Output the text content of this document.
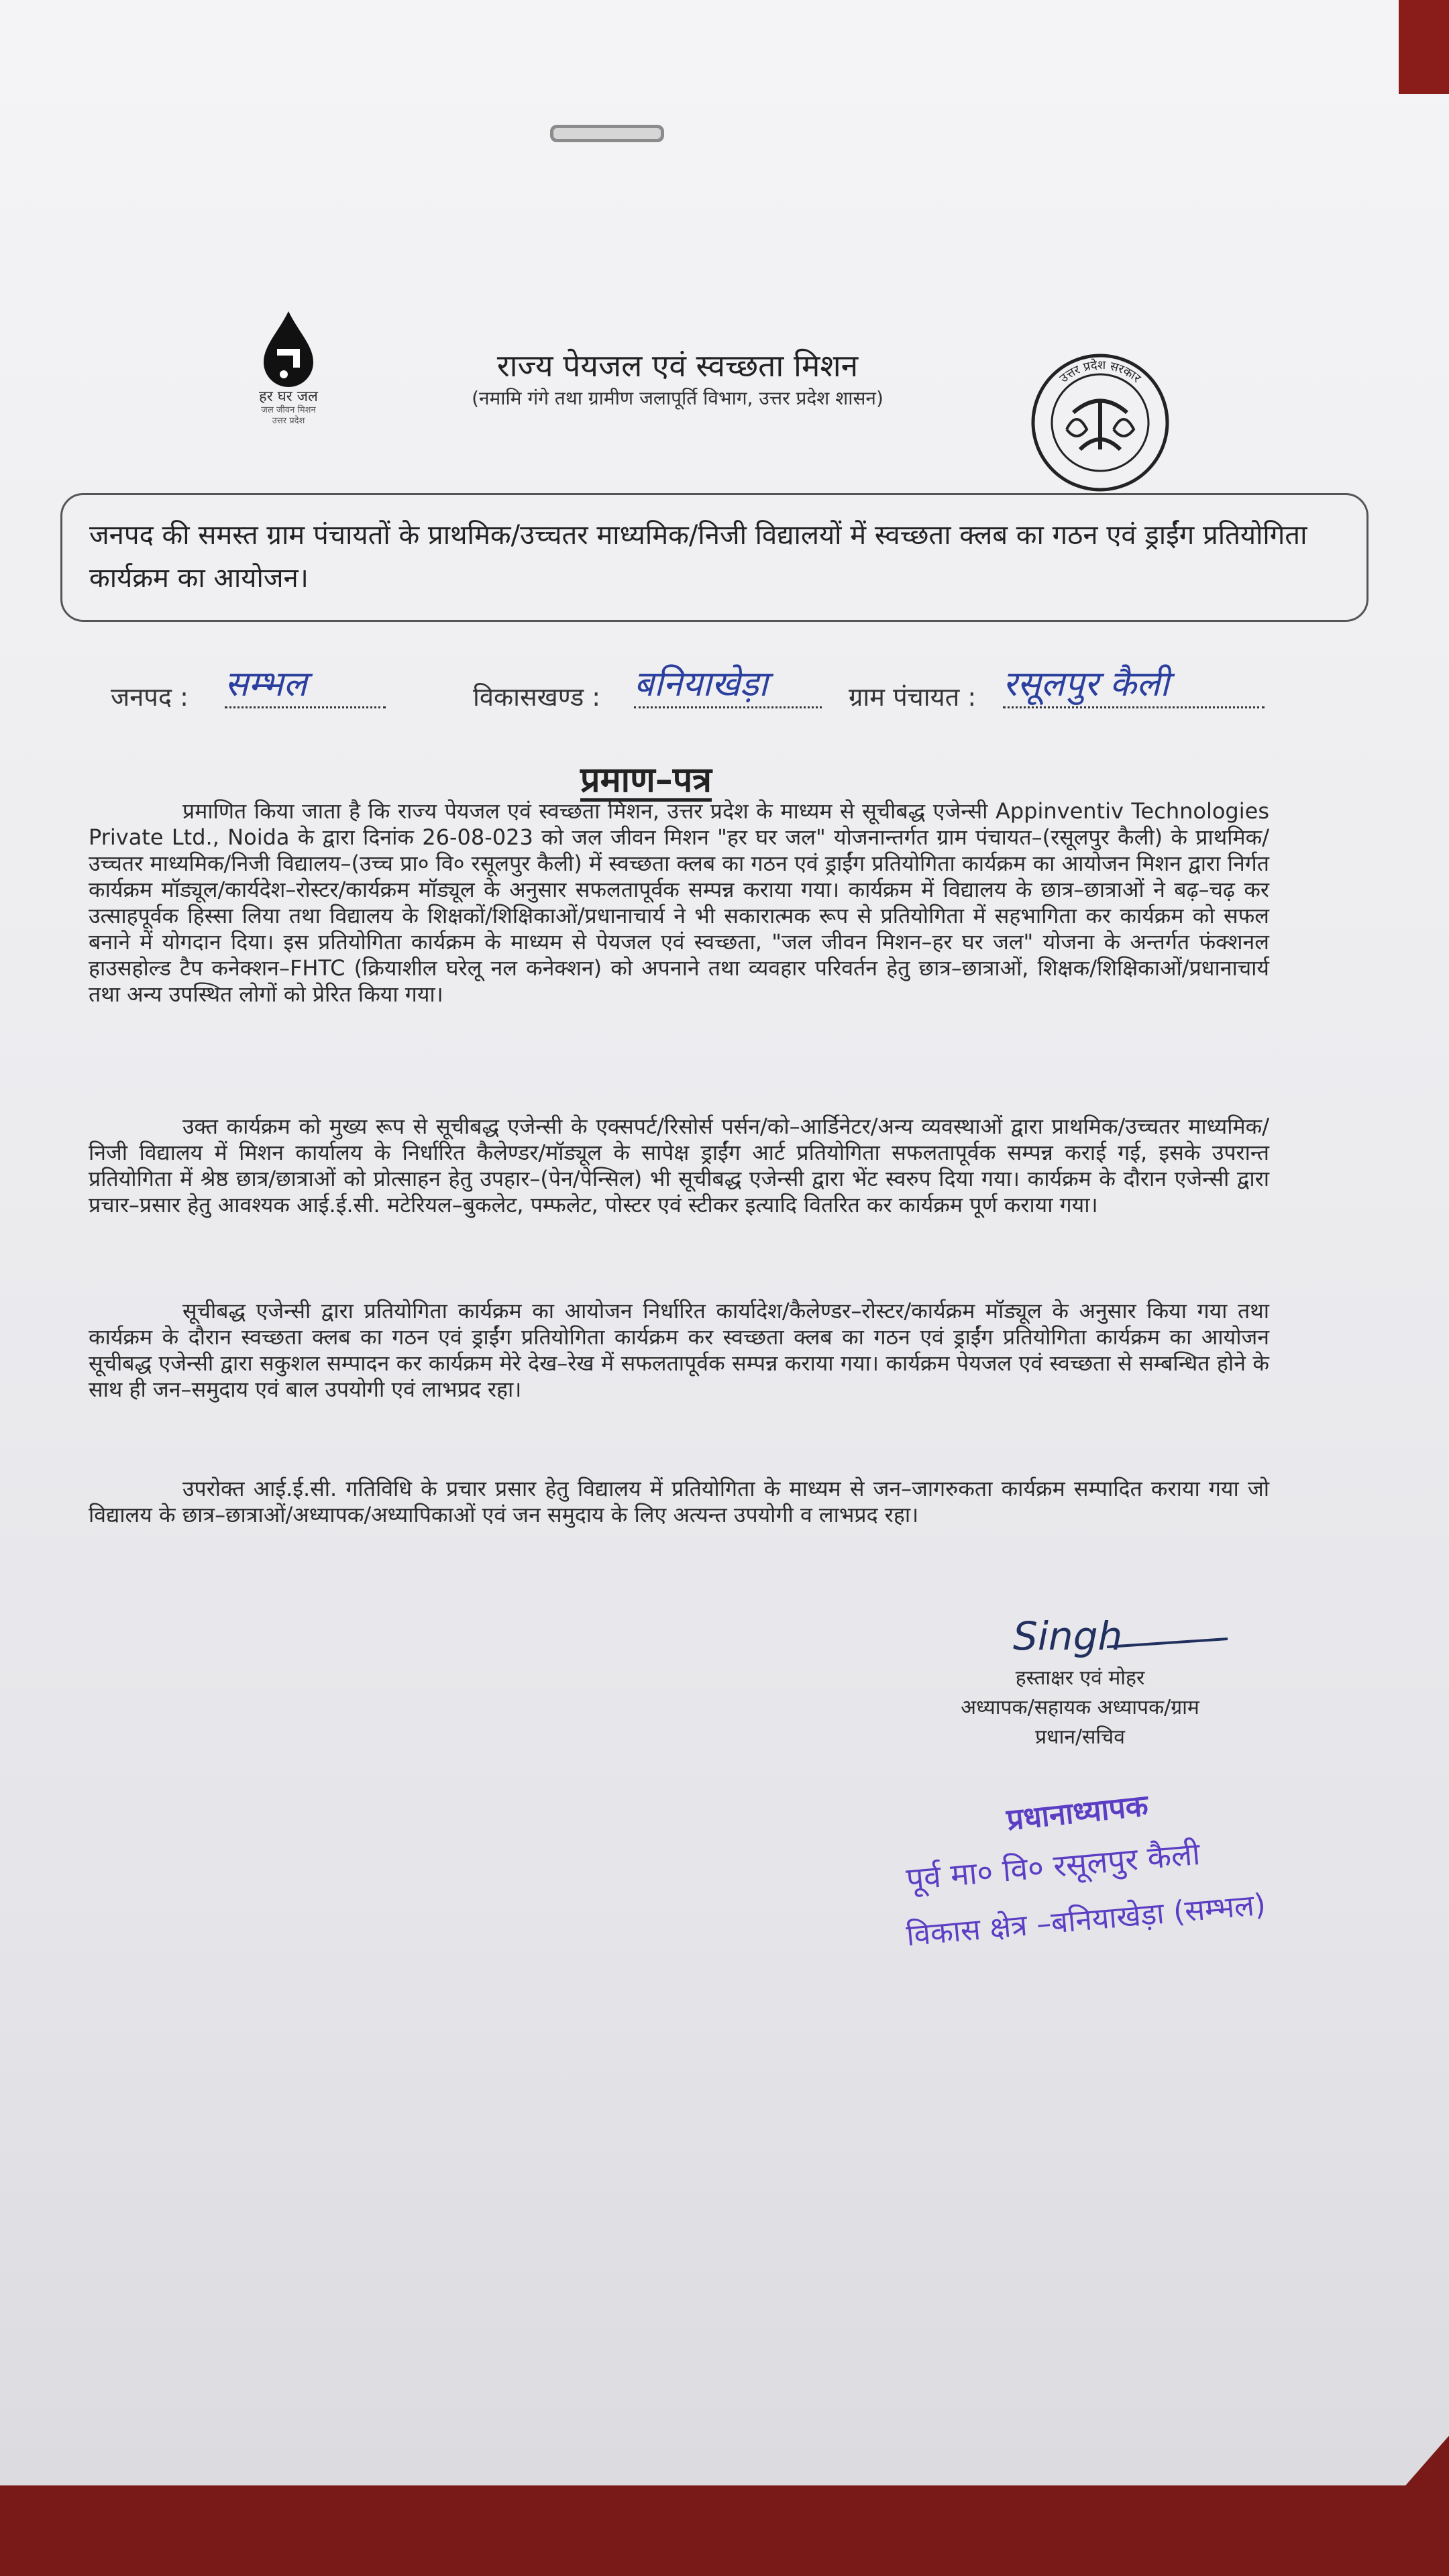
हर घर जल
जल जीवन मिशन
उत्तर प्रदेश
राज्य पेयजल एवं स्वच्छता मिशन
(नमामि गंगे तथा ग्रामीण जलापूर्ति विभाग, उत्तर प्रदेश शासन)
उत्तर प्रदेश सरकार
जनपद की समस्त ग्राम पंचायतों के प्राथमिक/उच्चतर माध्यमिक/निजी विद्यालयों में स्वच्छता क्लब का गठन एवं ड्राईंग प्रतियोगिता कार्यक्रम का आयोजन।
जनपद : सम्भल	विकासखण्ड : बनियाखेड़ा	ग्राम पंचायत : रसूलपुर कैली
प्रमाण–पत्र
प्रमाणित किया जाता है कि राज्य पेयजल एवं स्वच्छता मिशन, उत्तर प्रदेश के माध्यम से सूचीबद्ध एजेन्सी Appinventiv Technologies Private Ltd., Noida के द्वारा दिनांक 26-08-023 को जल जीवन मिशन "हर घर जल" योजनान्तर्गत ग्राम पंचायत–(रसूलपुर कैली) के प्राथमिक/उच्चतर माध्यमिक/निजी विद्यालय–(उच्च प्रा० वि० रसूलपुर कैली) में स्वच्छता क्लब का गठन एवं ड्राईंग प्रतियोगिता कार्यक्रम का आयोजन मिशन द्वारा निर्गत कार्यक्रम मॉड्यूल/कार्यदेश–रोस्टर/कार्यक्रम मॉड्यूल के अनुसार सफलतापूर्वक सम्पन्न कराया गया। कार्यक्रम में विद्यालय के छात्र–छात्राओं ने बढ़–चढ़ कर उत्साहपूर्वक हिस्सा लिया तथा विद्यालय के शिक्षकों/शिक्षिकाओं/प्रधानाचार्य ने भी सकारात्मक रूप से प्रतियोगिता में सहभागिता कर कार्यक्रम को सफल बनाने में योगदान दिया। इस प्रतियोगिता कार्यक्रम के माध्यम से पेयजल एवं स्वच्छता, "जल जीवन मिशन–हर घर जल" योजना के अन्तर्गत फंक्शनल हाउसहोल्ड टैप कनेक्शन–FHTC (क्रियाशील घरेलू नल कनेक्शन) को अपनाने तथा व्यवहार परिवर्तन हेतु छात्र–छात्राओं, शिक्षक/शिक्षिकाओं/प्रधानाचार्य तथा अन्य उपस्थित लोगों को प्रेरित किया गया।
उक्त कार्यक्रम को मुख्य रूप से सूचीबद्ध एजेन्सी के एक्सपर्ट/रिसोर्स पर्सन/को–आर्डिनेटर/अन्य व्यवस्थाओं द्वारा प्राथमिक/उच्चतर माध्यमिक/निजी विद्यालय में मिशन कार्यालय के निर्धारित कैलेण्डर/मॉड्यूल के सापेक्ष ड्राईंग आर्ट प्रतियोगिता सफलतापूर्वक सम्पन्न कराई गई, इसके उपरान्त प्रतियोगिता में श्रेष्ठ छात्र/छात्राओं को प्रोत्साहन हेतु उपहार–(पेन/पेन्सिल) भी सूचीबद्ध एजेन्सी द्वारा भेंट स्वरुप दिया गया। कार्यक्रम के दौरान एजेन्सी द्वारा प्रचार–प्रसार हेतु आवश्यक आई.ई.सी. मटेरियल–बुकलेट, पम्फलेट, पोस्टर एवं स्टीकर इत्यादि वितरित कर कार्यक्रम पूर्ण कराया गया।
सूचीबद्ध एजेन्सी द्वारा प्रतियोगिता कार्यक्रम का आयोजन निर्धारित कार्यादेश/कैलेण्डर–रोस्टर/कार्यक्रम मॉड्यूल के अनुसार किया गया तथा कार्यक्रम के दौरान स्वच्छता क्लब का गठन एवं ड्राईंग प्रतियोगिता कार्यक्रम कर स्वच्छता क्लब का गठन एवं ड्राईंग प्रतियोगिता कार्यक्रम का आयोजन सूचीबद्ध एजेन्सी द्वारा सकुशल सम्पादन कर कार्यक्रम मेरे देख–रेख में सफलतापूर्वक सम्पन्न कराया गया। कार्यक्रम पेयजल एवं स्वच्छता से सम्बन्धित होने के साथ ही जन–समुदाय एवं बाल उपयोगी एवं लाभप्रद रहा।
उपरोक्त आई.ई.सी. गतिविधि के प्रचार प्रसार हेतु विद्यालय में प्रतियोगिता के माध्यम से जन–जागरुकता कार्यक्रम सम्पादित कराया गया जो विद्यालय के छात्र–छात्राओं/अध्यापक/अध्यापिकाओं एवं जन समुदाय के लिए अत्यन्त उपयोगी व लाभप्रद रहा।
Singh
हस्ताक्षर एवं मोहर
अध्यापक/सहायक अध्यापक/ग्राम
प्रधान/सचिव
प्रधानाध्यापक
पूर्व मा० वि० रसूलपुर कैली
विकास क्षेत्र –बनियाखेड़ा (सम्भल)
